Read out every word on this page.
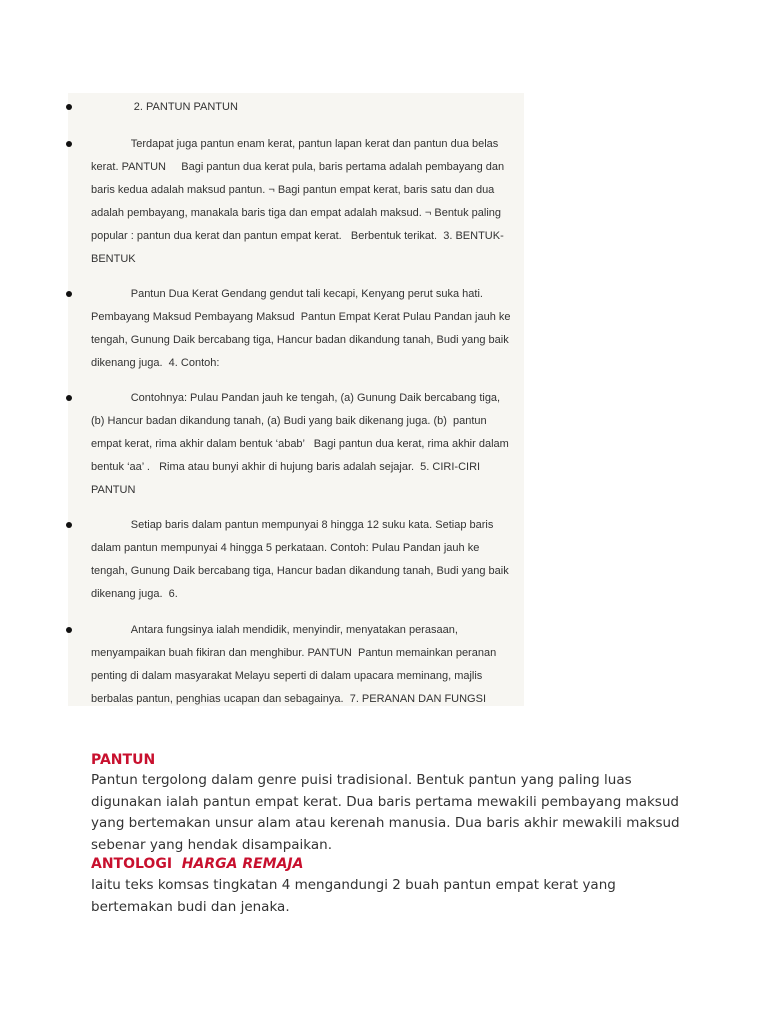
2. PANTUN PANTUN
Terdapat juga pantun enam kerat, pantun lapan kerat dan pantun dua belas
kerat. PANTUN     Bagi pantun dua kerat pula, baris pertama adalah pembayang dan
baris kedua adalah maksud pantun. ¬ Bagi pantun empat kerat, baris satu dan dua
adalah pembayang, manakala baris tiga dan empat adalah maksud. ¬ Bentuk paling
popular : pantun dua kerat dan pantun empat kerat.   Berbentuk terikat.  3. BENTUK-
BENTUK
Pantun Dua Kerat Gendang gendut tali kecapi, Kenyang perut suka hati.
Pembayang Maksud Pembayang Maksud  Pantun Empat Kerat Pulau Pandan jauh ke
tengah, Gunung Daik bercabang tiga, Hancur badan dikandung tanah, Budi yang baik
dikenang juga.  4. Contoh:
Contohnya: Pulau Pandan jauh ke tengah, (a) Gunung Daik bercabang tiga,
(b) Hancur badan dikandung tanah, (a) Budi yang baik dikenang juga. (b)  pantun
empat kerat, rima akhir dalam bentuk ‘abab’   Bagi pantun dua kerat, rima akhir dalam
bentuk ‘aa’ .   Rima atau bunyi akhir di hujung baris adalah sejajar.  5. CIRI-CIRI
PANTUN
Setiap baris dalam pantun mempunyai 8 hingga 12 suku kata. Setiap baris
dalam pantun mempunyai 4 hingga 5 perkataan. Contoh: Pulau Pandan jauh ke
tengah, Gunung Daik bercabang tiga, Hancur badan dikandung tanah, Budi yang baik
dikenang juga.  6.
Antara fungsinya ialah mendidik, menyindir, menyatakan perasaan,
menyampaikan buah fikiran dan menghibur. PANTUN  Pantun memainkan peranan
penting di dalam masyarakat Melayu seperti di dalam upacara meminang, majlis
berbalas pantun, penghias ucapan dan sebagainya.  7. PERANAN DAN FUNGSI
PANTUN
Pantun tergolong dalam genre puisi tradisional. Bentuk pantun yang paling luas
digunakan ialah pantun empat kerat. Dua baris pertama mewakili pembayang maksud
yang bertemakan unsur alam atau kerenah manusia. Dua baris akhir mewakili maksud
sebenar yang hendak disampaikan.
ANTOLOGI HARGA REMAJA
Iaitu teks komsas tingkatan 4 mengandungi 2 buah pantun empat kerat yang
bertemakan budi dan jenaka.
